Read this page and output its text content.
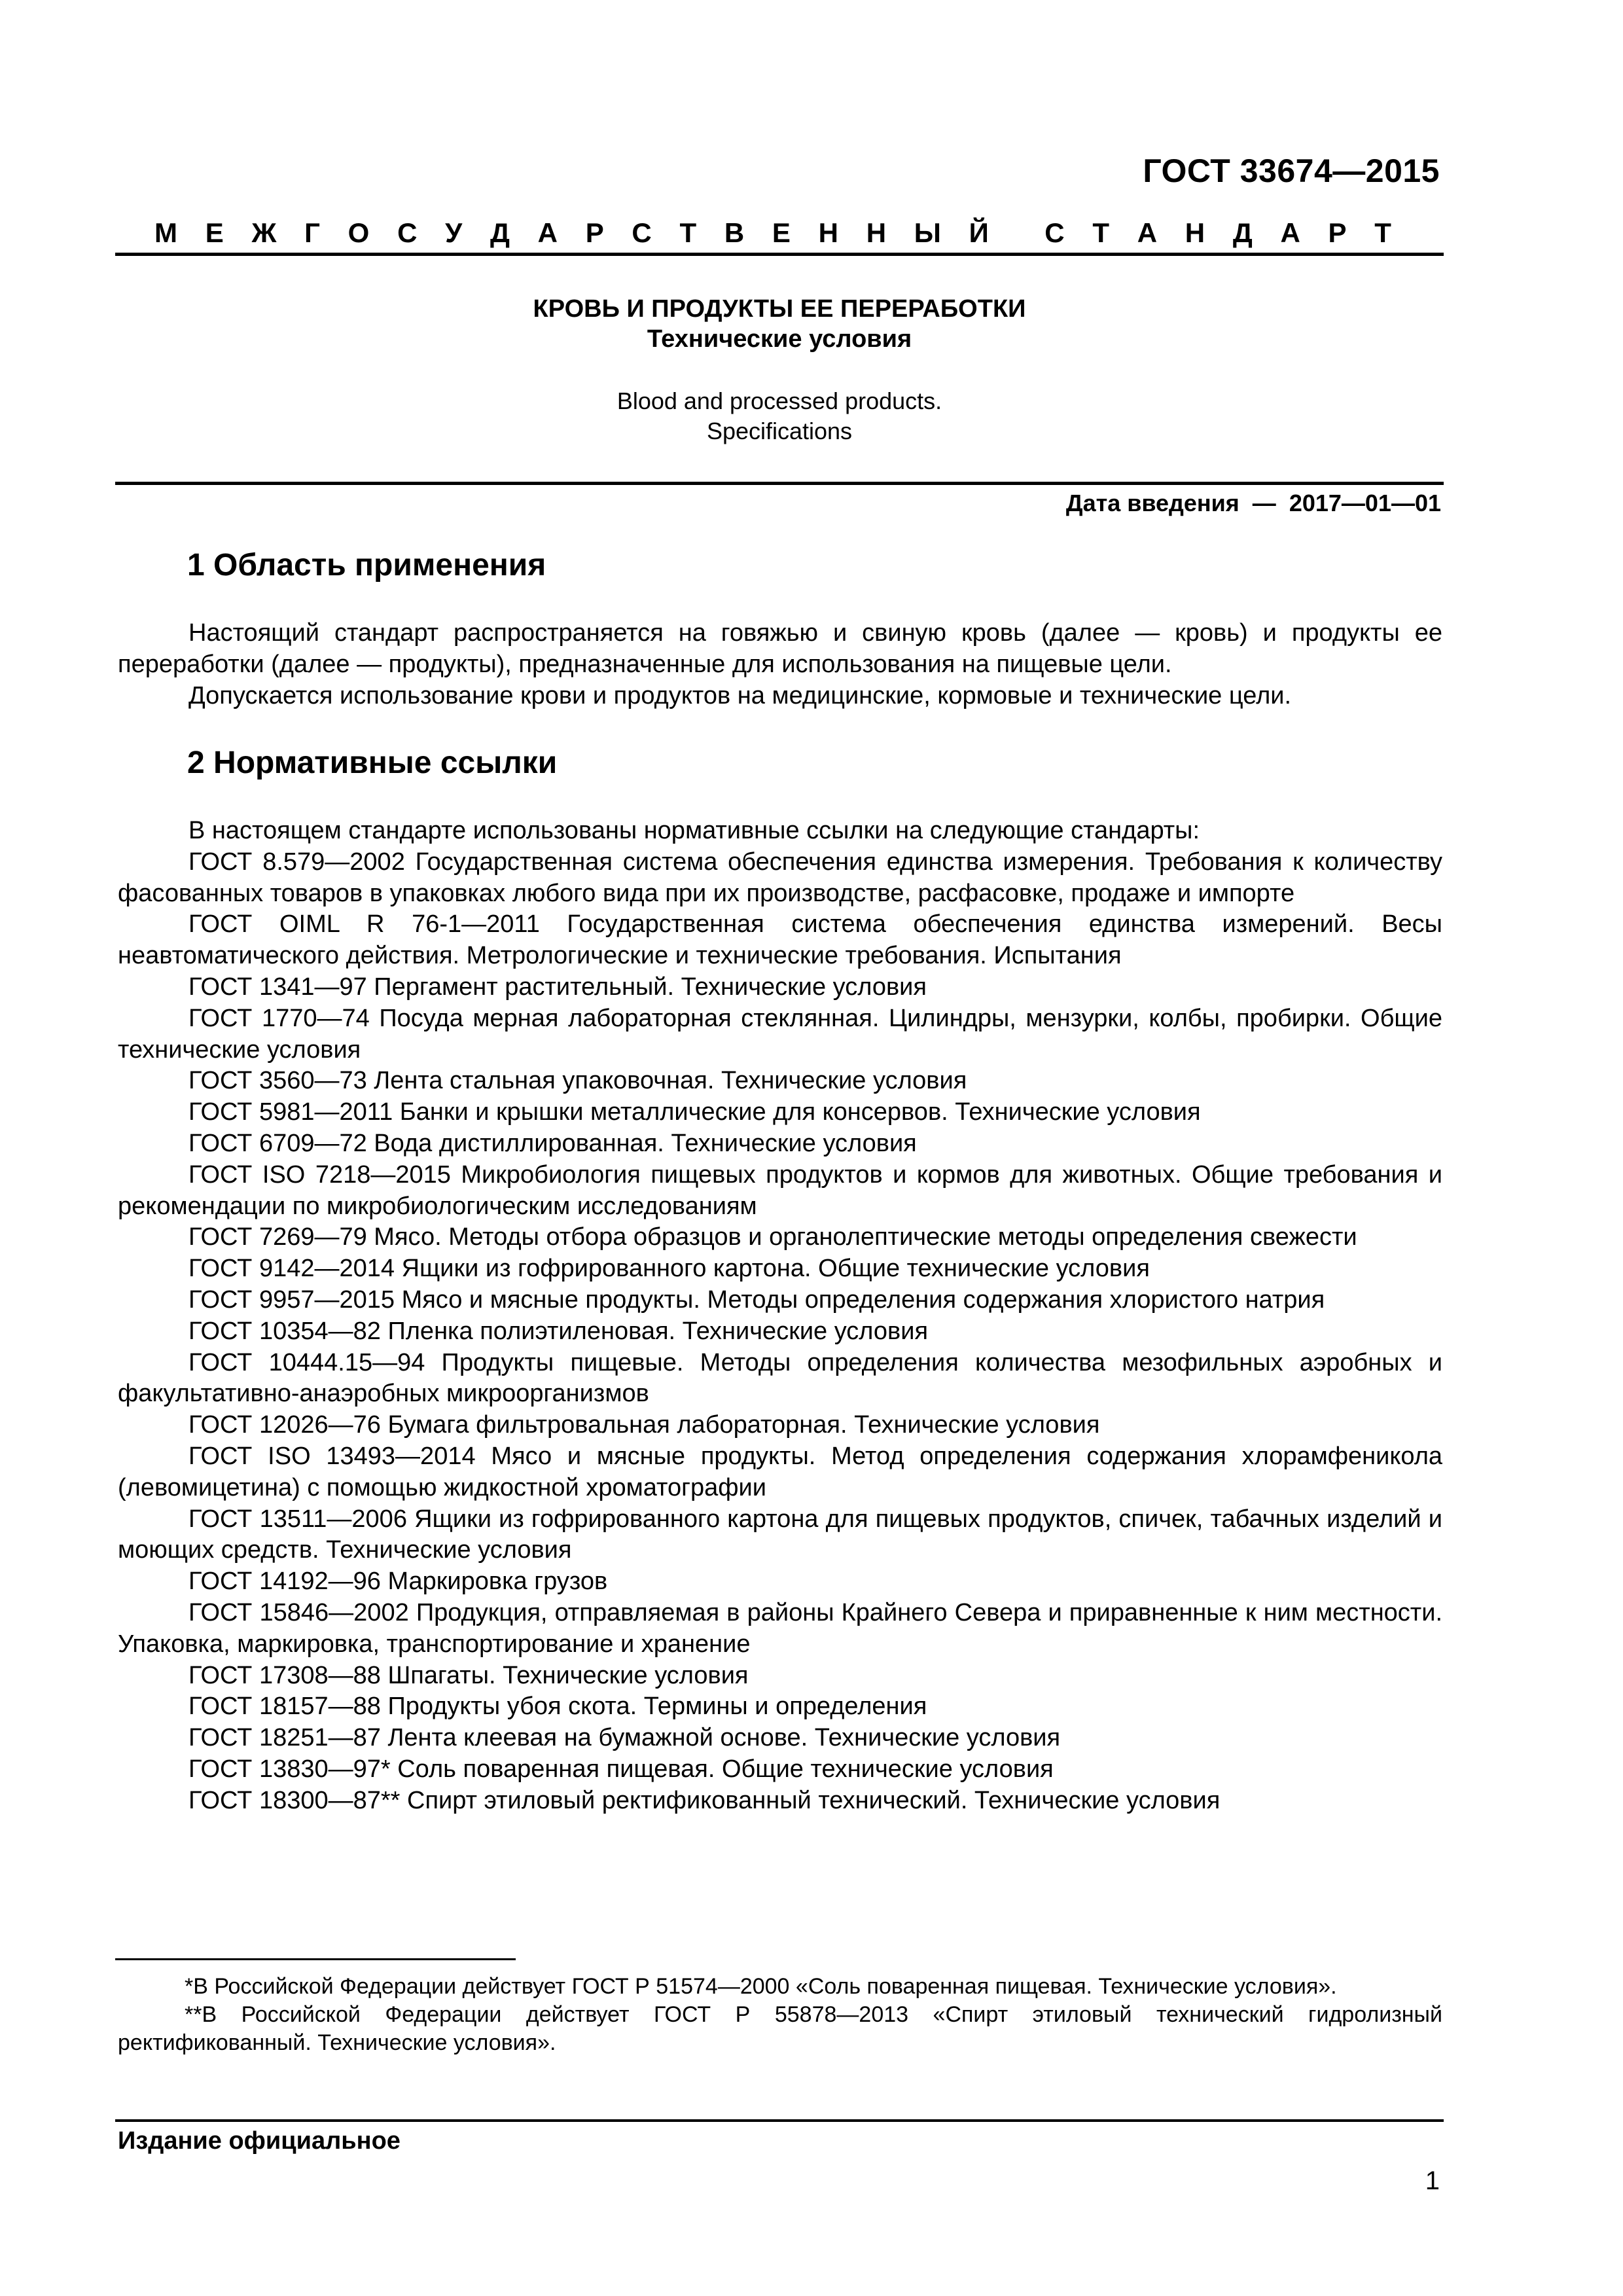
ГОСТ 33674—2015
М Е Ж Г О С У Д А Р С Т В Е Н Н Ы Й С Т А Н Д А Р Т
КРОВЬ И ПРОДУКТЫ ЕЕ ПЕРЕРАБОТКИ
Технические условия
Blood and processed products.
Specifications
Дата введения  —  2017—01—01
1 Область применения

Настоящий стандарт распространяется на говяжью и свиную кровь (далее — кровь) и продукты ее переработки (далее — продукты), предназначенные для использования на пищевые цели.

Допускается использование крови и продуктов на медицинские, кормовые и технические цели.

2 Нормативные ссылки

В настоящем стандарте использованы нормативные ссылки на следующие стандарты:

ГОСТ 8.579—2002 Государственная система обеспечения единства измерения. Требования к количеству фасованных товаров в упаковках любого вида при их производстве, расфасовке, продаже и импорте

ГОСТ OIML R 76-1—2011 Государственная система обеспечения единства измерений. Весы неавтоматического действия. Метрологические и технические требования. Испытания

ГОСТ 1341—97 Пергамент растительный. Технические условия

ГОСТ 1770—74 Посуда мерная лабораторная стеклянная. Цилиндры, мензурки, колбы, пробирки. Общие технические условия

ГОСТ 3560—73 Лента стальная упаковочная. Технические условия

ГОСТ 5981—2011 Банки и крышки металлические для консервов. Технические условия

ГОСТ 6709—72 Вода дистиллированная. Технические условия

ГОСТ ISO 7218—2015 Микробиология пищевых продуктов и кормов для животных. Общие требования и рекомендации по микробиологическим исследованиям

ГОСТ 7269—79 Мясо. Методы отбора образцов и органолептические методы определения свежести

ГОСТ 9142—2014 Ящики из гофрированного картона. Общие технические условия

ГОСТ 9957—2015 Мясо и мясные продукты. Методы определения содержания хлористого натрия

ГОСТ 10354—82 Пленка полиэтиленовая. Технические условия

ГОСТ 10444.15—94 Продукты пищевые. Методы определения количества мезофильных аэробных и факультативно-анаэробных микроорганизмов

ГОСТ 12026—76 Бумага фильтровальная лабораторная. Технические условия

ГОСТ ISO 13493—2014 Мясо и мясные продукты. Метод определения содержания хлорамфеникола (левомицетина) с помощью жидкостной хроматографии

ГОСТ 13511—2006 Ящики из гофрированного картона для пищевых продуктов, спичек, табачных изделий и моющих средств. Технические условия

ГОСТ 14192—96 Маркировка грузов

ГОСТ 15846—2002 Продукция, отправляемая в районы Крайнего Севера и приравненные к ним местности. Упаковка, маркировка, транспортирование и хранение

ГОСТ 17308—88 Шпагаты. Технические условия

ГОСТ 18157—88 Продукты убоя скота. Термины и определения

ГОСТ 18251—87 Лента клеевая на бумажной основе. Технические условия

ГОСТ 13830—97* Соль поваренная пищевая. Общие технические условия

ГОСТ 18300—87** Спирт этиловый ректификованный технический. Технические условия

*В Российской Федерации действует ГОСТ Р 51574—2000 «Соль поваренная пищевая. Технические условия».

**В Российской Федерации действует ГОСТ Р 55878—2013 «Спирт этиловый технический гидролизный ректификованный. Технические условия».

Издание официальное
1
